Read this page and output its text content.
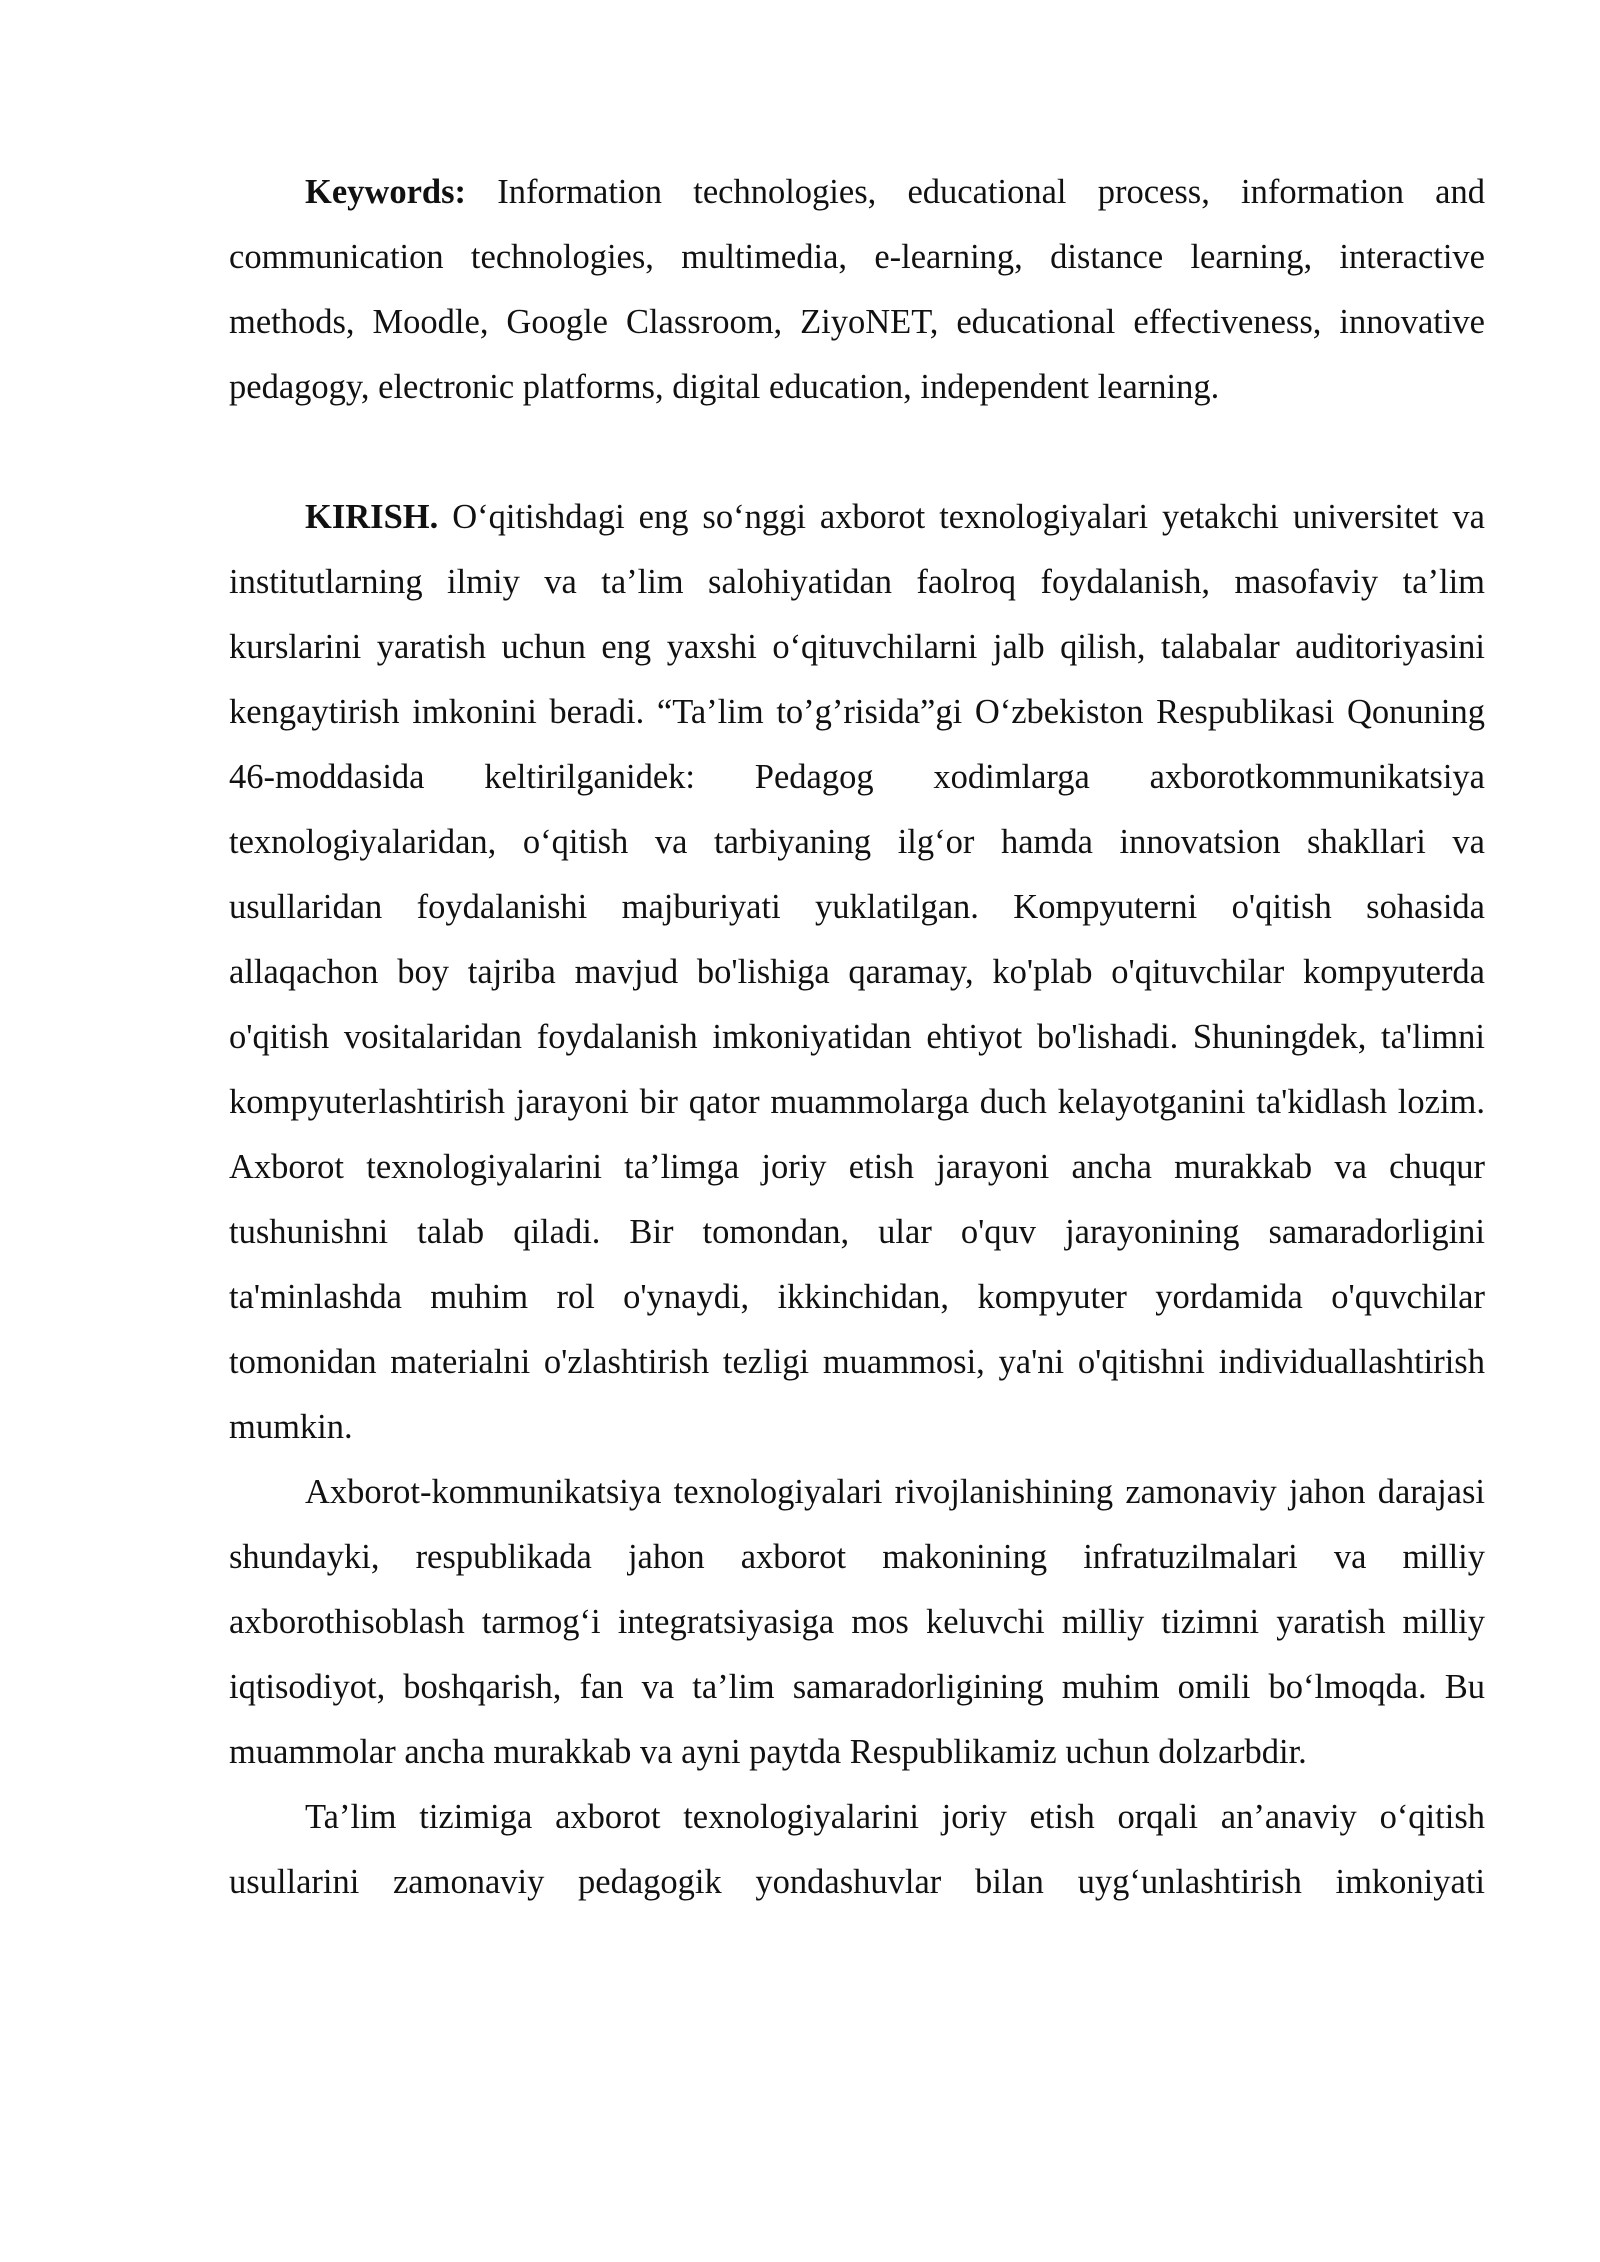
Keywords: Information technologies, educational process, information and communication technologies, multimedia, e-learning, distance learning, interactive methods, Moodle, Google Classroom, ZiyoNET, educational effectiveness, innovative pedagogy, electronic platforms, digital education, independent learning.

KIRISH. O‘qitishdagi eng so‘nggi axborot texnologiyalari yetakchi universitet va institutlarning ilmiy va ta’lim salohiyatidan faolroq foydalanish, masofaviy ta’lim kurslarini yaratish uchun eng yaxshi o‘qituvchilarni jalb qilish, talabalar auditoriyasini kengaytirish imkonini beradi. “Ta’lim to’g’risida”gi O‘zbekiston Respublikasi Qonuning 46-moddasida keltirilganidek: Pedagog xodimlarga axborotkommunikatsiya texnologiyalaridan, o‘qitish va tarbiyaning ilg‘or hamda innovatsion shakllari va usullaridan foydalanishi majburiyati yuklatilgan. Kompyuterni o'qitish sohasida allaqachon boy tajriba mavjud bo'lishiga qaramay, ko'plab o'qituvchilar kompyuterda o'qitish vositalaridan foydalanish imkoniyatidan ehtiyot bo'lishadi. Shuningdek, ta'limni kompyuterlashtirish jarayoni bir qator muammolarga duch kelayotganini ta'kidlash lozim. Axborot texnologiyalarini ta’limga joriy etish jarayoni ancha murakkab va chuqur tushunishni talab qiladi. Bir tomondan, ular o'quv jarayonining samaradorligini ta'minlashda muhim rol o'ynaydi, ikkinchidan, kompyuter yordamida o'quvchilar tomonidan materialni o'zlashtirish tezligi muammosi, ya'ni o'qitishni individuallashtirish mumkin.

Axborot-kommunikatsiya texnologiyalari rivojlanishining zamonaviy jahon darajasi shundayki, respublikada jahon axborot makonining infratuzilmalari va milliy axborothisoblash tarmog‘i integratsiyasiga mos keluvchi milliy tizimni yaratish milliy iqtisodiyot, boshqarish, fan va ta’lim samaradorligining muhim omili bo‘lmoqda. Bu muammolar ancha murakkab va ayni paytda Respublikamiz uchun dolzarbdir.

Ta’lim tizimiga axborot texnologiyalarini joriy etish orqali an’anaviy o‘qitish usullarini zamonaviy pedagogik yondashuvlar bilan uyg‘unlashtirish imkoniyati
